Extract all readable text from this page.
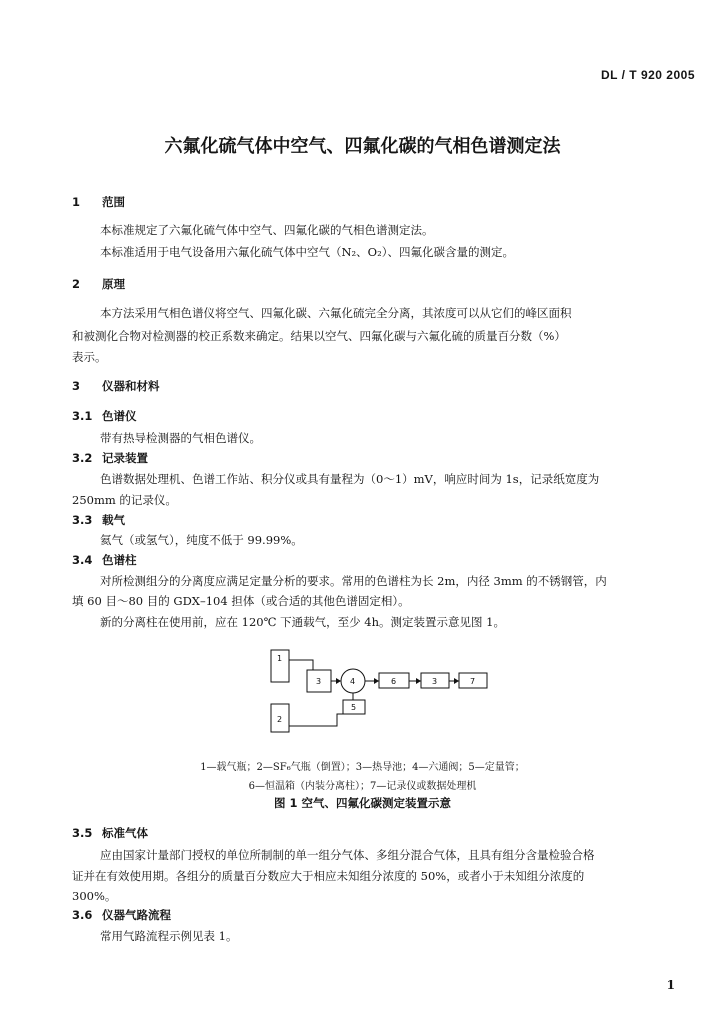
DL / T 920 2005
六氟化硫气体中空气、四氟化碳的气相色谱测定法
1 范围
本标准规定了六氟化硫气体中空气、四氟化碳的气相色谱测定法。
本标准适用于电气设备用六氟化硫气体中空气（N₂、O₂）、四氟化碳含量的测定。
2 原理
本方法采用气相色谱仪将空气、四氟化碳、六氟化硫完全分离，其浓度可以从它们的峰区面积
和被测化合物对检测器的校正系数来确定。结果以空气、四氟化碳与六氟化硫的质量百分数（%）
表示。
3 仪器和材料
3.1 色谱仪
带有热导检测器的气相色谱仪。
3.2 记录装置
色谱数据处理机、色谱工作站、积分仪或具有量程为（0～1）mV，响应时间为 1s，记录纸宽度为
250mm 的记录仪。
3.3 载气
氦气（或氢气），纯度不低于 99.99%。
3.4 色谱柱
对所检测组分的分离度应满足定量分析的要求。常用的色谱柱为长 2m，内径 3mm 的不锈钢管，内
填 60 目～80 目的 GDX–104 担体（或合适的其他色谱固定相）。
新的分离柱在使用前，应在 120℃ 下通载气，至少 4h。测定装置示意见图 1。
1
2
3	4
5
6	3	7
1—载气瓶；2—SF₆气瓶（倒置）；3—热导池；4—六通阀；5—定量管；
6—恒温箱（内装分离柱）；7—记录仪或数据处理机
图 1 空气、四氟化碳测定装置示意
3.5 标准气体
应由国家计量部门授权的单位所制制的单一组分气体、多组分混合气体，且具有组分含量检验合格
证并在有效使用期。各组分的质量百分数应大于相应未知组分浓度的 50%，或者小于未知组分浓度的
300%。
3.6 仪器气路流程
常用气路流程示例见表 1。
1
